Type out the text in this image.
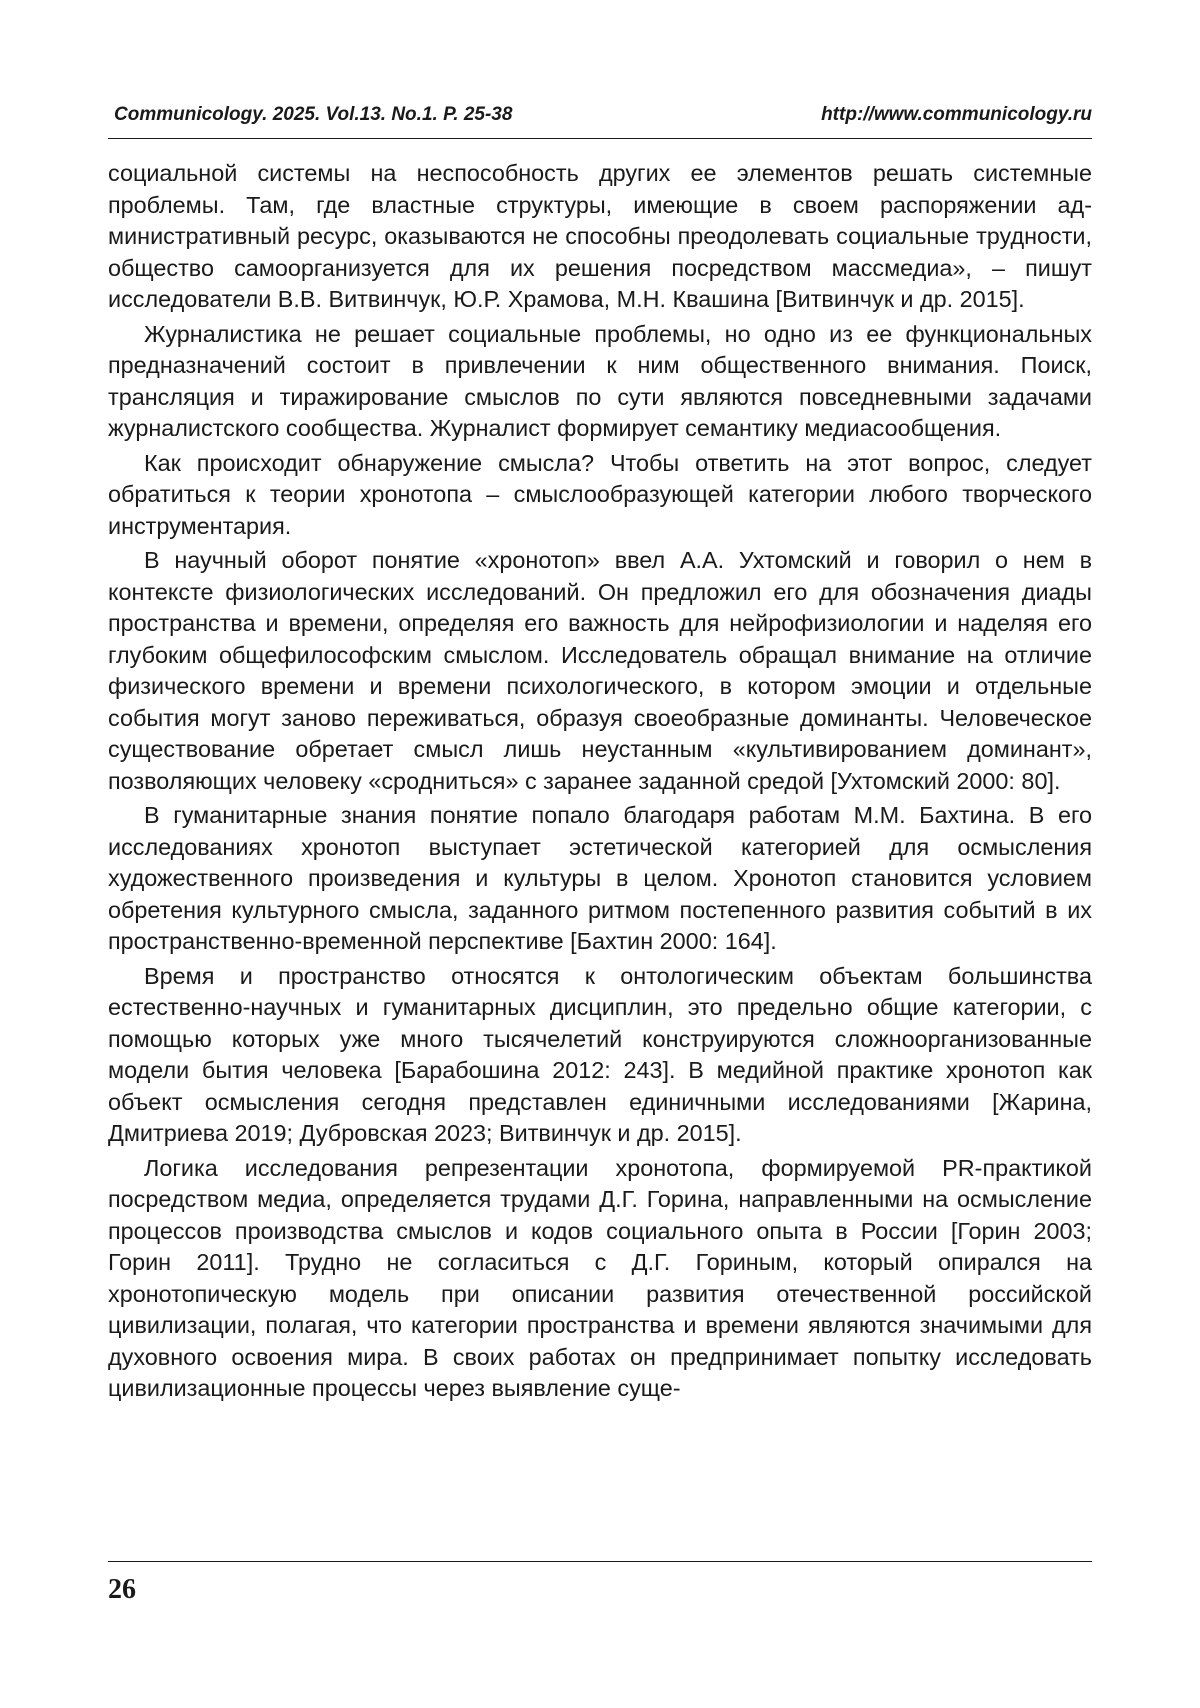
Communicology. 2025. Vol.13. No.1. P. 25-38	http://www.communicology.ru

социальной системы на неспособность других ее элементов решать системные проблемы. Там, где властные структуры, имеющие в своем распоряжении административный ресурс, оказываются не способны преодолевать социальные трудности, общество самоорганизуется для их решения посредством массмедиа», – пишут исследователи В.В. Витвинчук, Ю.Р. Храмова, М.Н. Квашина [Витвинчук и др. 2015].

Журналистика не решает социальные проблемы, но одно из ее функциональных предназначений состоит в привлечении к ним общественного внимания. Поиск, трансляция и тиражирование смыслов по сути являются повседневными задачами журналистского сообщества. Журналист формирует семантику медиасообщения.

Как происходит обнаружение смысла? Чтобы ответить на этот вопрос, следует обратиться к теории хронотопа – смыслообразующей категории любого творческого инструментария.

В научный оборот понятие «хронотоп» ввел А.А. Ухтомский и говорил о нем в контексте физиологических исследований. Он предложил его для обозначения диады пространства и времени, определяя его важность для нейрофизиологии и наделяя его глубоким общефилософским смыслом. Исследователь обращал внимание на отличие физического времени и времени психологического, в котором эмоции и отдельные события могут заново переживаться, образуя своеобразные доминанты. Человеческое существование обретает смысл лишь неустанным «культивированием доминант», позволяющих человеку «сродниться» с заранее заданной средой [Ухтомский 2000: 80].

В гуманитарные знания понятие попало благодаря работам М.М. Бахтина. В его исследованиях хронотоп выступает эстетической категорией для осмысления художественного произведения и культуры в целом. Хронотоп становится условием обретения культурного смысла, заданного ритмом постепенного развития событий в их пространственно-временной перспективе [Бахтин 2000: 164].

Время и пространство относятся к онтологическим объектам большинства естественно-научных и гуманитарных дисциплин, это предельно общие категории, с помощью которых уже много тысячелетий конструируются сложноорганизованные модели бытия человека [Барабошина 2012: 243]. В медийной практике хронотоп как объект осмысления сегодня представлен единичными исследованиями [Жарина, Дмитриева 2019; Дубровская 2023; Витвинчук и др. 2015].

Логика исследования репрезентации хронотопа, формируемой PR-практикой посредством медиа, определяется трудами Д.Г. Горина, направленными на осмысление процессов производства смыслов и кодов социального опыта в России [Горин 2003; Горин 2011]. Трудно не согласиться с Д.Г. Гориным, который опирался на хронотопическую модель при описании развития отечественной российской цивилизации, полагая, что категории пространства и времени являются значимыми для духовного освоения мира. В своих работах он предпринимает попытку исследовать цивилизационные процессы через выявление суще-

26
